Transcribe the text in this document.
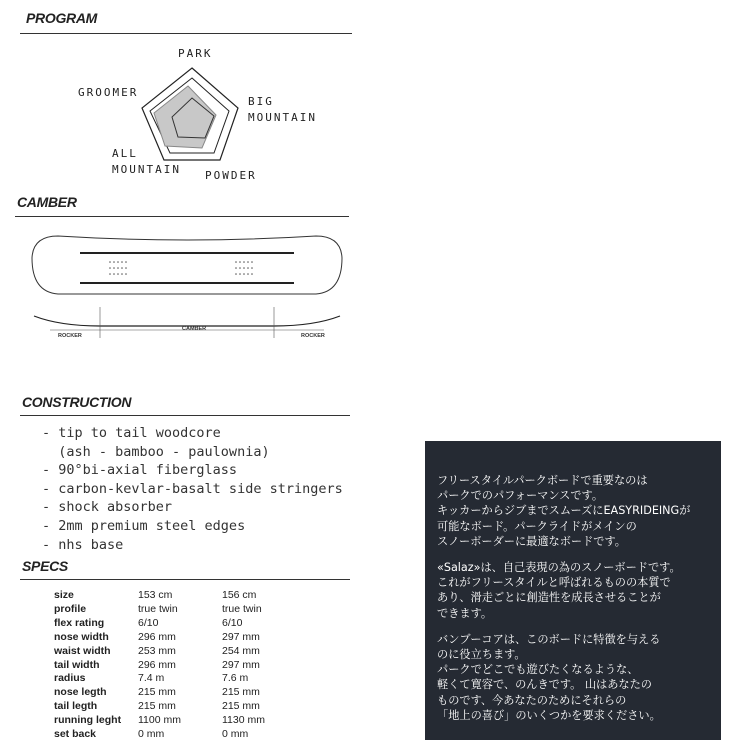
PROGRAM
PARK
BIG
MOUNTAIN
POWDER
ALL
MOUNTAIN
GROOMER
CAMBER
ROCKER
CAMBER
ROCKER
CONSTRUCTION
- tip to tail woodcore
(ash - bamboo - paulownia)
- 90°bi-axial fiberglass
- carbon-kevlar-basalt side stringers
- shock absorber
- 2mm premium steel edges
- nhs base
SPECS
size	153 cm	156 cm
profile	true twin	true twin
flex rating	6/10	6/10
nose width	296 mm	297 mm
waist width	253 mm	254 mm
tail width	296 mm	297 mm
radius	7.4 m	7.6 m
nose legth	215 mm	215 mm
tail legth	215 mm	215 mm
running leght	1100 mm	1130 mm
set back	0 mm	0 mm

フリースタイルパークボードで重要なのは
パークでのパフォーマンスです。
キッカーからジブまでスムーズにEASYRIDEINGが
可能なボード。パークライドがメインの
スノーボーダーに最適なボードです。

«Salaz»は、自己表現の為のスノーボードです。
これがフリースタイルと呼ばれるものの本質で
あり、滑走ごとに創造性を成長させることが
できます。

バンブーコアは、このボードに特徴を与える
のに役立ちます。
パークでどこでも遊びたくなるような、
軽くて寛容で、のんきです。 山はあなたの
ものです、今あなたのためにそれらの
「地上の喜び」のいくつかを要求ください。
